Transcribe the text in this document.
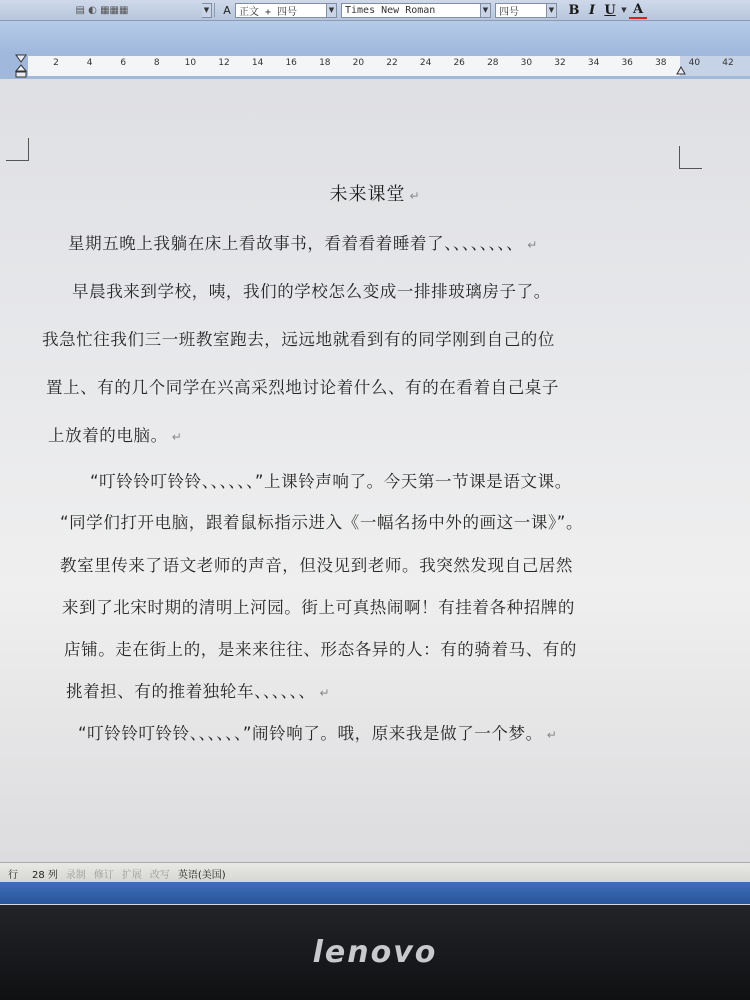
▤ ◐ ▦▦▦	▼	A 正文 + 四号	▼	Times New Roman	▼	四号	▼ B I U ▼ A
2	4	6	8	10 12 14 16 18 20 22 24 26 28 30 32 34 36 38 40 42
未来课堂 ↵
星期五晚上我躺在床上看故事书，看着看着睡着了、、、、、、、、 ↵
早晨我来到学校，咦，我们的学校怎么变成一排排玻璃房子了。
我急忙往我们三一班教室跑去，远远地就看到有的同学刚到自己的位
置上、有的几个同学在兴高采烈地讨论着什么、有的在看着自己桌子
上放着的电脑。 ↵
“叮铃铃叮铃铃、、、、、、”上课铃声响了。今天第一节课是语文课。
“同学们打开电脑，跟着鼠标指示进入《一幅名扬中外的画这一课》”。
教室里传来了语文老师的声音，但没见到老师。我突然发现自己居然
来到了北宋时期的清明上河园。街上可真热闹啊！有挂着各种招牌的
店铺。走在街上的，是来来往往、形态各异的人：有的骑着马、有的
挑着担、有的推着独轮车、、、、、、 ↵
“叮铃铃叮铃铃、、、、、、”闹铃响了。哦，原来我是做了一个梦。 ↵
行 28 列 录制 修订 扩展 改写 英语(美国)
lenovo
